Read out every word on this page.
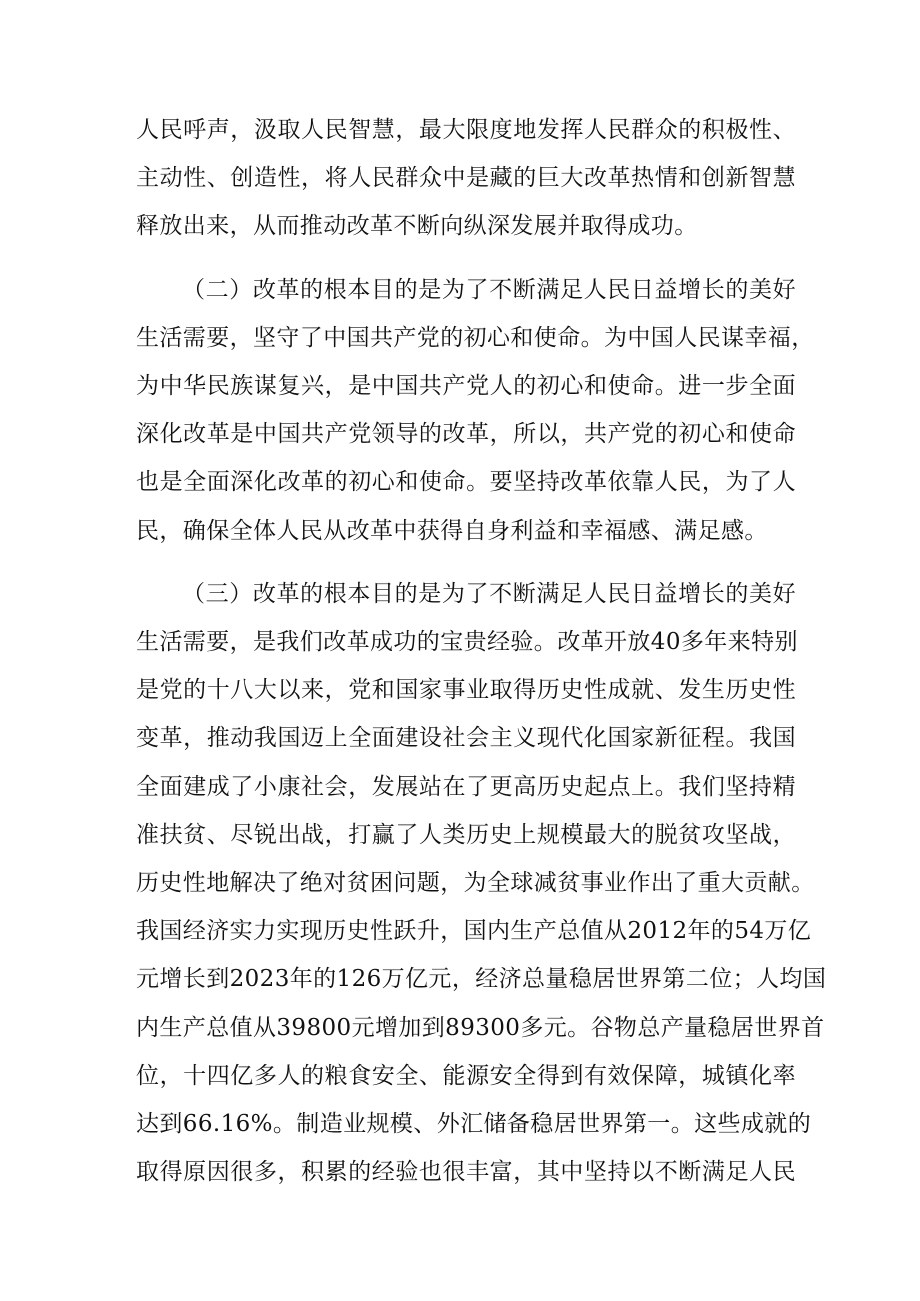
人民呼声，汲取人民智慧，最大限度地发挥人民群众的积极性、
主动性、创造性，将人民群众中是藏的巨大改革热情和创新智慧
释放出来，从而推动改革不断向纵深发展并取得成功。

（二）改革的根本目的是为了不断满足人民日益增长的美好
生活需要，坚守了中国共产党的初心和使命。为中国人民谋幸福，
为中华民族谋复兴，是中国共产党人的初心和使命。进一步全面
深化改革是中国共产党领导的改革，所以，共产党的初心和使命
也是全面深化改革的初心和使命。要坚持改革依靠人民，为了人
民，确保全体人民从改革中获得自身利益和幸福感、满足感。

（三）改革的根本目的是为了不断满足人民日益增长的美好
生活需要，是我们改革成功的宝贵经验。改革开放40多年来特别
是党的十八大以来，党和国家事业取得历史性成就、发生历史性
变革，推动我国迈上全面建设社会主义现代化国家新征程。我国
全面建成了小康社会，发展站在了更高历史起点上。我们坚持精
准扶贫、尽锐出战，打赢了人类历史上规模最大的脱贫攻坚战，
历史性地解决了绝对贫困问题，为全球减贫事业作出了重大贡献。
我国经济实力实现历史性跃升，国内生产总值从2012年的54万亿
元增长到2023年的126万亿元，经济总量稳居世界第二位；人均国
内生产总值从39800元增加到89300多元。谷物总产量稳居世界首
位，十四亿多人的粮食安全、能源安全得到有效保障，城镇化率
达到66.16%。制造业规模、外汇储备稳居世界第一。这些成就的
取得原因很多，积累的经验也很丰富，其中坚持以不断满足人民
